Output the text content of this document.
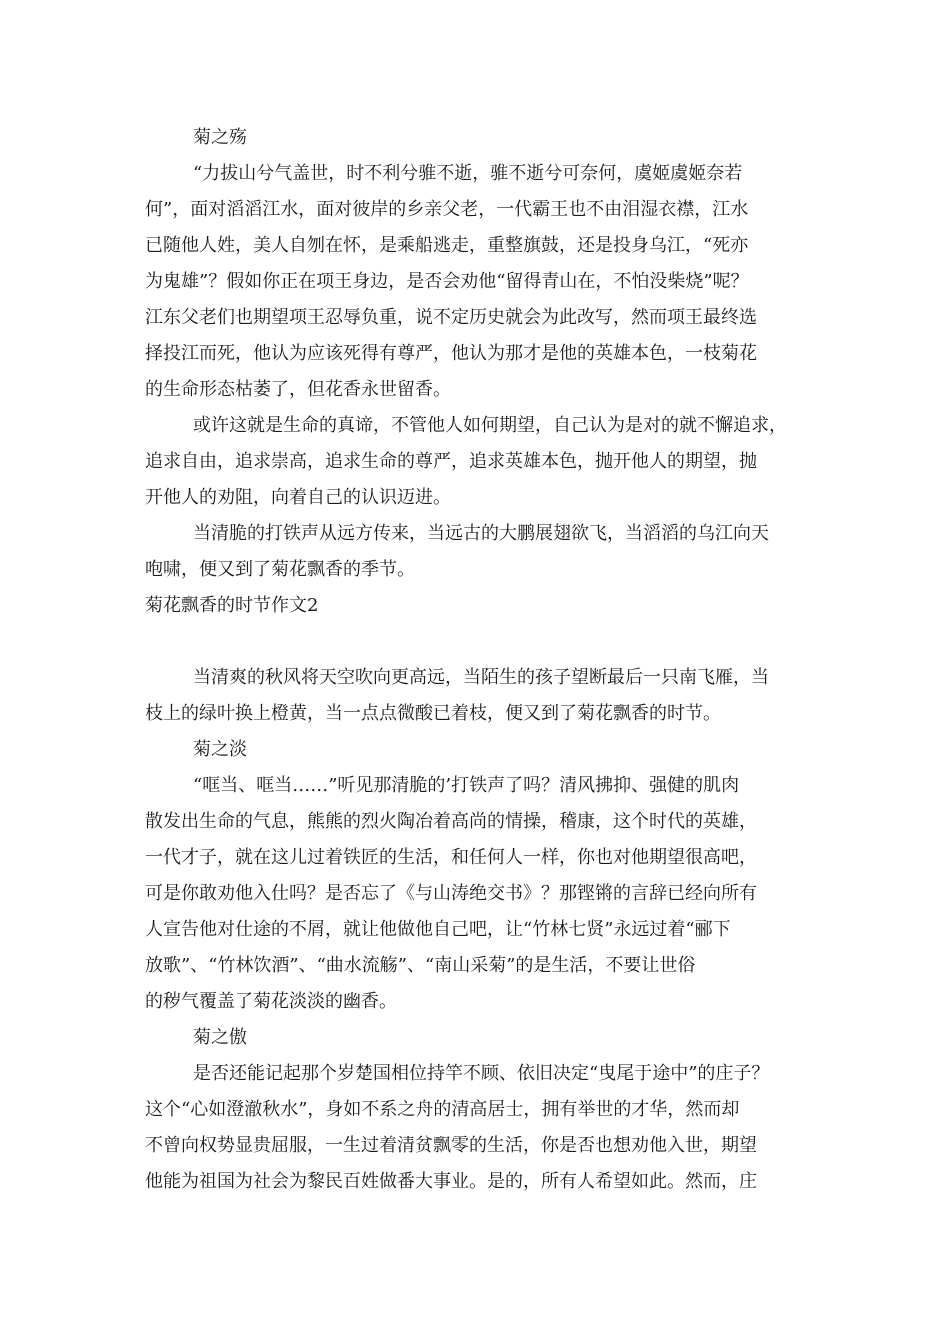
菊之殇
“力拔山兮气盖世，时不利兮骓不逝，骓不逝兮可奈何，虞姬虞姬奈若
何”，面对滔滔江水，面对彼岸的乡亲父老，一代霸王也不由泪湿衣襟，江水
已随他人姓，美人自刎在怀，是乘船逃走，重整旗鼓，还是投身乌江，“死亦
为鬼雄”？假如你正在项王身边，是否会劝他“留得青山在，不怕没柴烧”呢？
江东父老们也期望项王忍辱负重，说不定历史就会为此改写，然而项王最终选
择投江而死，他认为应该死得有尊严，他认为那才是他的英雄本色，一枝菊花
的生命形态枯萎了，但花香永世留香。
或许这就是生命的真谛，不管他人如何期望，自己认为是对的就不懈追求，
追求自由，追求崇高，追求生命的尊严，追求英雄本色，抛开他人的期望，抛
开他人的劝阻，向着自己的认识迈进。
当清脆的打铁声从远方传来，当远古的大鹏展翅欲飞，当滔滔的乌江向天
咆啸，便又到了菊花飘香的季节。
菊花飘香的时节作文2
当清爽的秋风将天空吹向更高远，当陌生的孩子望断最后一只南飞雁，当
枝上的绿叶换上橙黄，当一点点微酸已着枝，便又到了菊花飘香的时节。
菊之淡
“哐当、哐当……”听见那清脆的’打铁声了吗？清风拂抑、强健的肌肉
散发出生命的气息，熊熊的烈火陶冶着高尚的情操，稽康，这个时代的英雄，
一代才子，就在这儿过着铁匠的生活，和任何人一样，你也对他期望很高吧，
可是你敢劝他入仕吗？是否忘了《与山涛绝交书》？那铿锵的言辞已经向所有
人宣告他对仕途的不屑，就让他做他自己吧，让“竹林七贤”永远过着“郦下
放歌”、“竹林饮酒”、“曲水流觞”、“南山采菊”的是生活，不要让世俗
的秽气覆盖了菊花淡淡的幽香。
菊之傲
是否还能记起那个岁楚国相位持竿不顾、依旧决定“曳尾于途中”的庄子？
这个“心如澄澈秋水”，身如不系之舟的清高居士，拥有举世的才华，然而却
不曾向权势显贵屈服，一生过着清贫飘零的生活，你是否也想劝他入世，期望
他能为祖国为社会为黎民百姓做番大事业。是的，所有人希望如此。然而，庄
